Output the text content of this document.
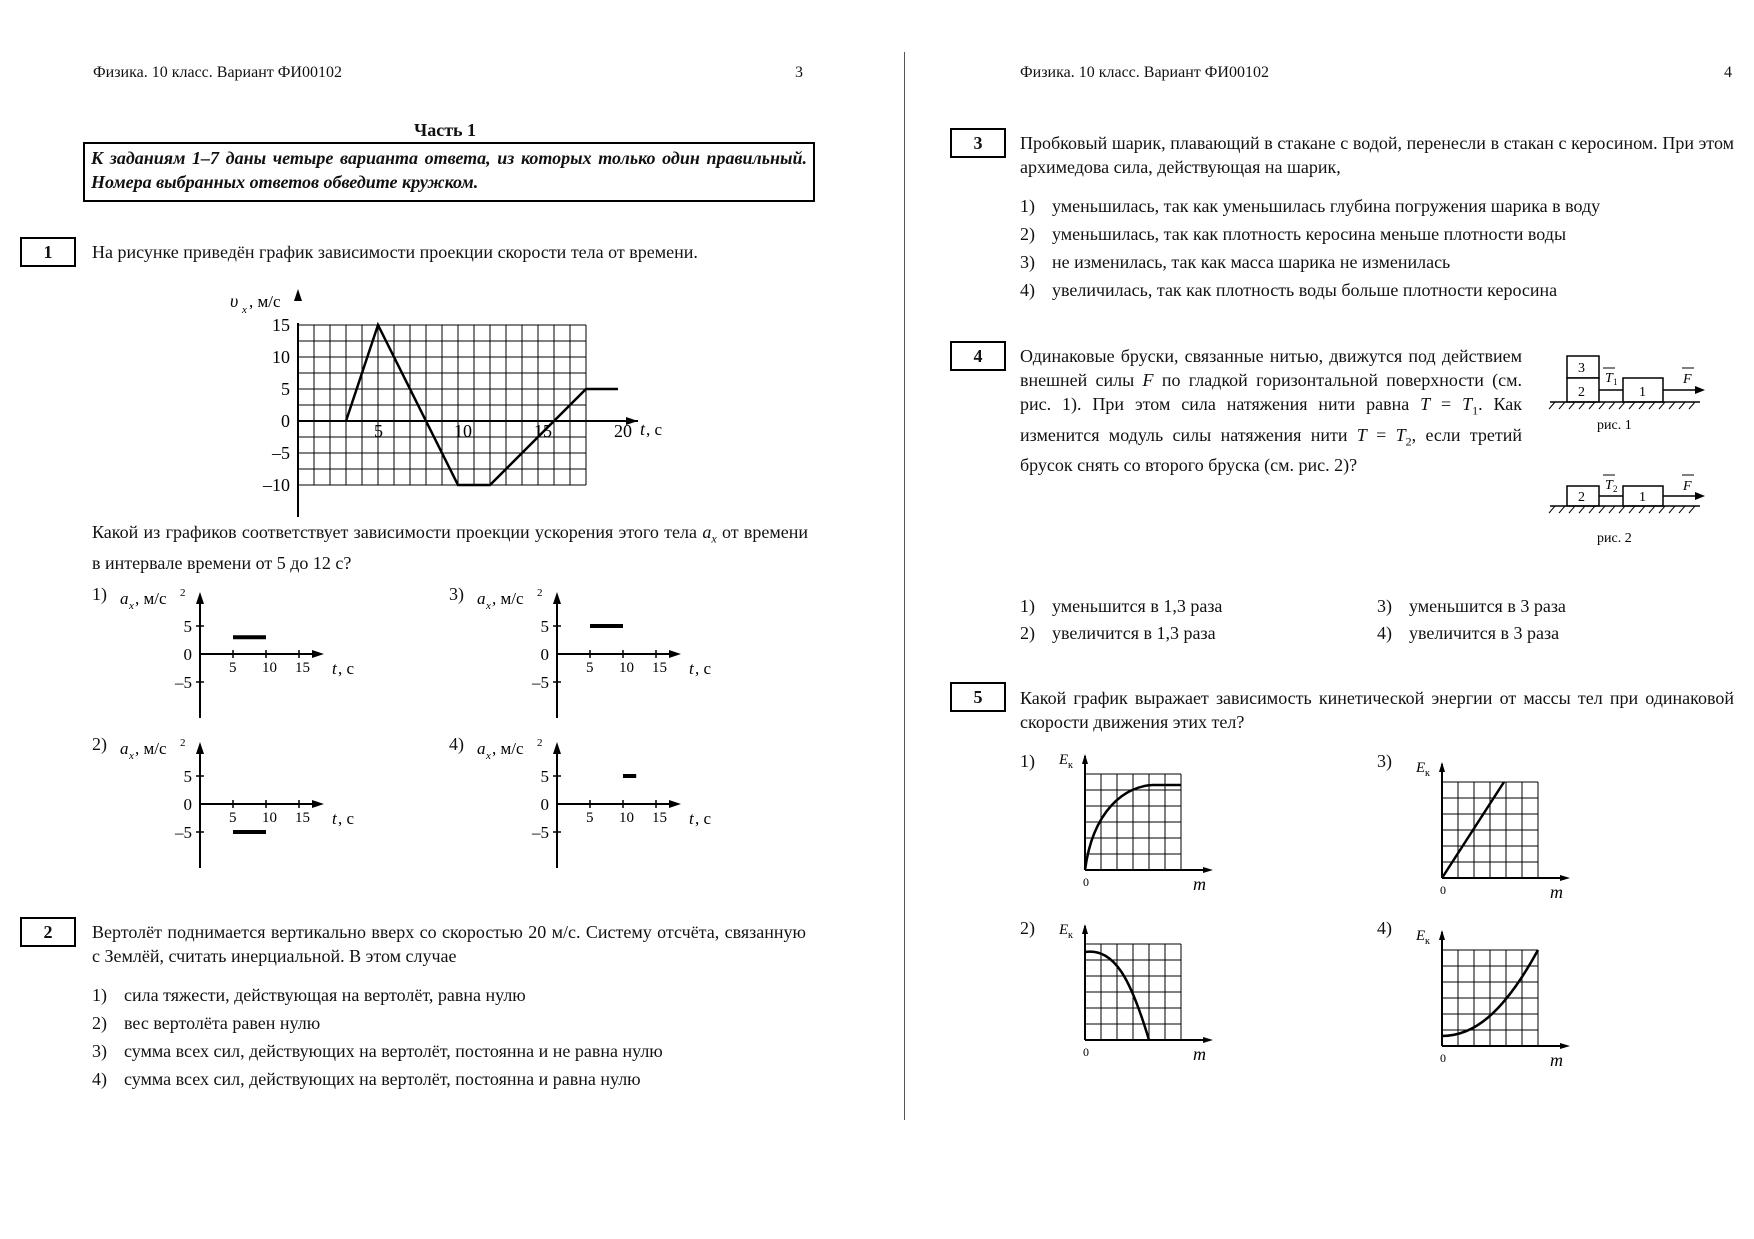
Физика. 10 класс. Вариант ФИ00102	3
Часть 1
К заданиям 1–7 даны четыре варианта ответа, из которых только один правильный. Номера выбранных ответов обведите кружком.
1	На рисунке приведён график зависимости проекции скорости тела от времени.
15
10
5
0
–5
–10
5	10	15	20
υ x , м/с
t , с
Какой из графиков соответствует зависимости проекции ускорения этого тела $a_x$ от времени в интервале времени от 5 до 12 с?
1)
5
0
–5
5 10 15
a x , м/с 2
t , с
3)
5
0
–5
5 10 15
a x , м/с 2
t , с
2)
5
0
–5
5 10 15
a x , м/с 2
t , с
4)
5
0
–5
5 10 15
a x , м/с 2
t , с
2	Вертолёт поднимается вертикально вверх со скоростью 20 м/с. Систему отсчёта, связанную с Землёй, считать инерциальной. В этом случае
1) сила тяжести, действующая на вертолёт, равна нулю
2) вес вертолёта равен нулю
3) сумма всех сил, действующих на вертолёт, постоянна и не равна нулю
4) сумма всех сил, действующих на вертолёт, постоянна и равна нулю
Физика. 10 класс. Вариант ФИ00102	4
3	Пробковый шарик, плавающий в стакане с водой, перенесли в стакан с керосином. При этом архимедова сила, действующая на шарик,
1) уменьшилась, так как уменьшилась глубина погружения шарика в воду
2) уменьшилась, так как плотность керосина меньше плотности воды
3) не изменилась, так как масса шарика не изменилась
4) увеличилась, так как плотность воды больше плотности керосина
4	Одинаковые бруски, связанные нитью, движутся под действием внешней силы F по гладкой горизонтальной поверхности (см. рис. 1). При этом сила натяжения нити равна $T = T_1$. Как изменится модуль силы натяжения нити $T = T_2$, если третий брусок снять со второго бруска (см. рис. 2)?
3
2	1
T 1	F
рис. 1
2	1
T 2	F
рис. 2
1) уменьшится в 1,3 раза
2) увеличится в 1,3 раза
3) уменьшится в 3 раза
4) увеличится в 3 раза
5	Какой график выражает зависимость кинетической энергии от массы тел при одинаковой скорости движения этих тел?
1) E к
0	m
3) E к
0	m
2) E к
0	m
4) E к
0	m
